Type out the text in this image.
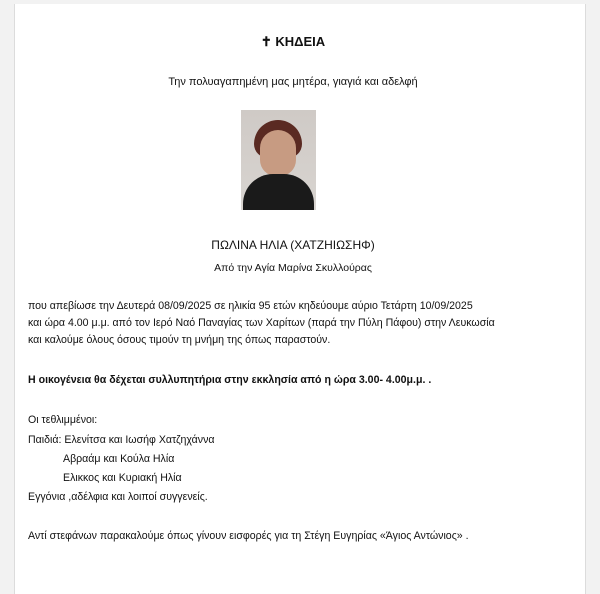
✝ ΚΗΔΕΙΑ
Την πολυαγαπημένη μας μητέρα, γιαγιά και αδελφή
ΠΩΛΙΝΑ ΗΛΙΑ (ΧΑΤΖΗΙΩΣΗΦ)
Από την Αγία Μαρίνα Σκυλλούρας
που απεβίωσε την Δευτερά 08/09/2025 σε ηλικία 95 ετών κηδεύουμε αύριο Τετάρτη 10/09/2025
και ώρα 4.00 μ.μ. από τον Ιερό Ναό Παναγίας των Χαρίτων (παρά την Πύλη Πάφου) στην Λευκωσία
και καλούμε όλους όσους τιμούν τη μνήμη της όπως παραστούν.
Η οικογένεια θα δέχεται συλλυπητήρια στην εκκλησία από η ώρα 3.00- 4.00μ.μ. .
Οι τεθλιμμένοι:
Παιδιά: Ελενίτσα και Ιωσήφ Χατζηχάννα
Αβραάμ και Κούλα Ηλία
Ελικκος και Κυριακή Ηλία
Εγγόνια ,αδέλφια και λοιποί συγγενείς.
Αντί στεφάνων παρακαλούμε όπως γίνουν εισφορές για τη Στέγη Ευγηρίας «Άγιος Αντώνιος» .
